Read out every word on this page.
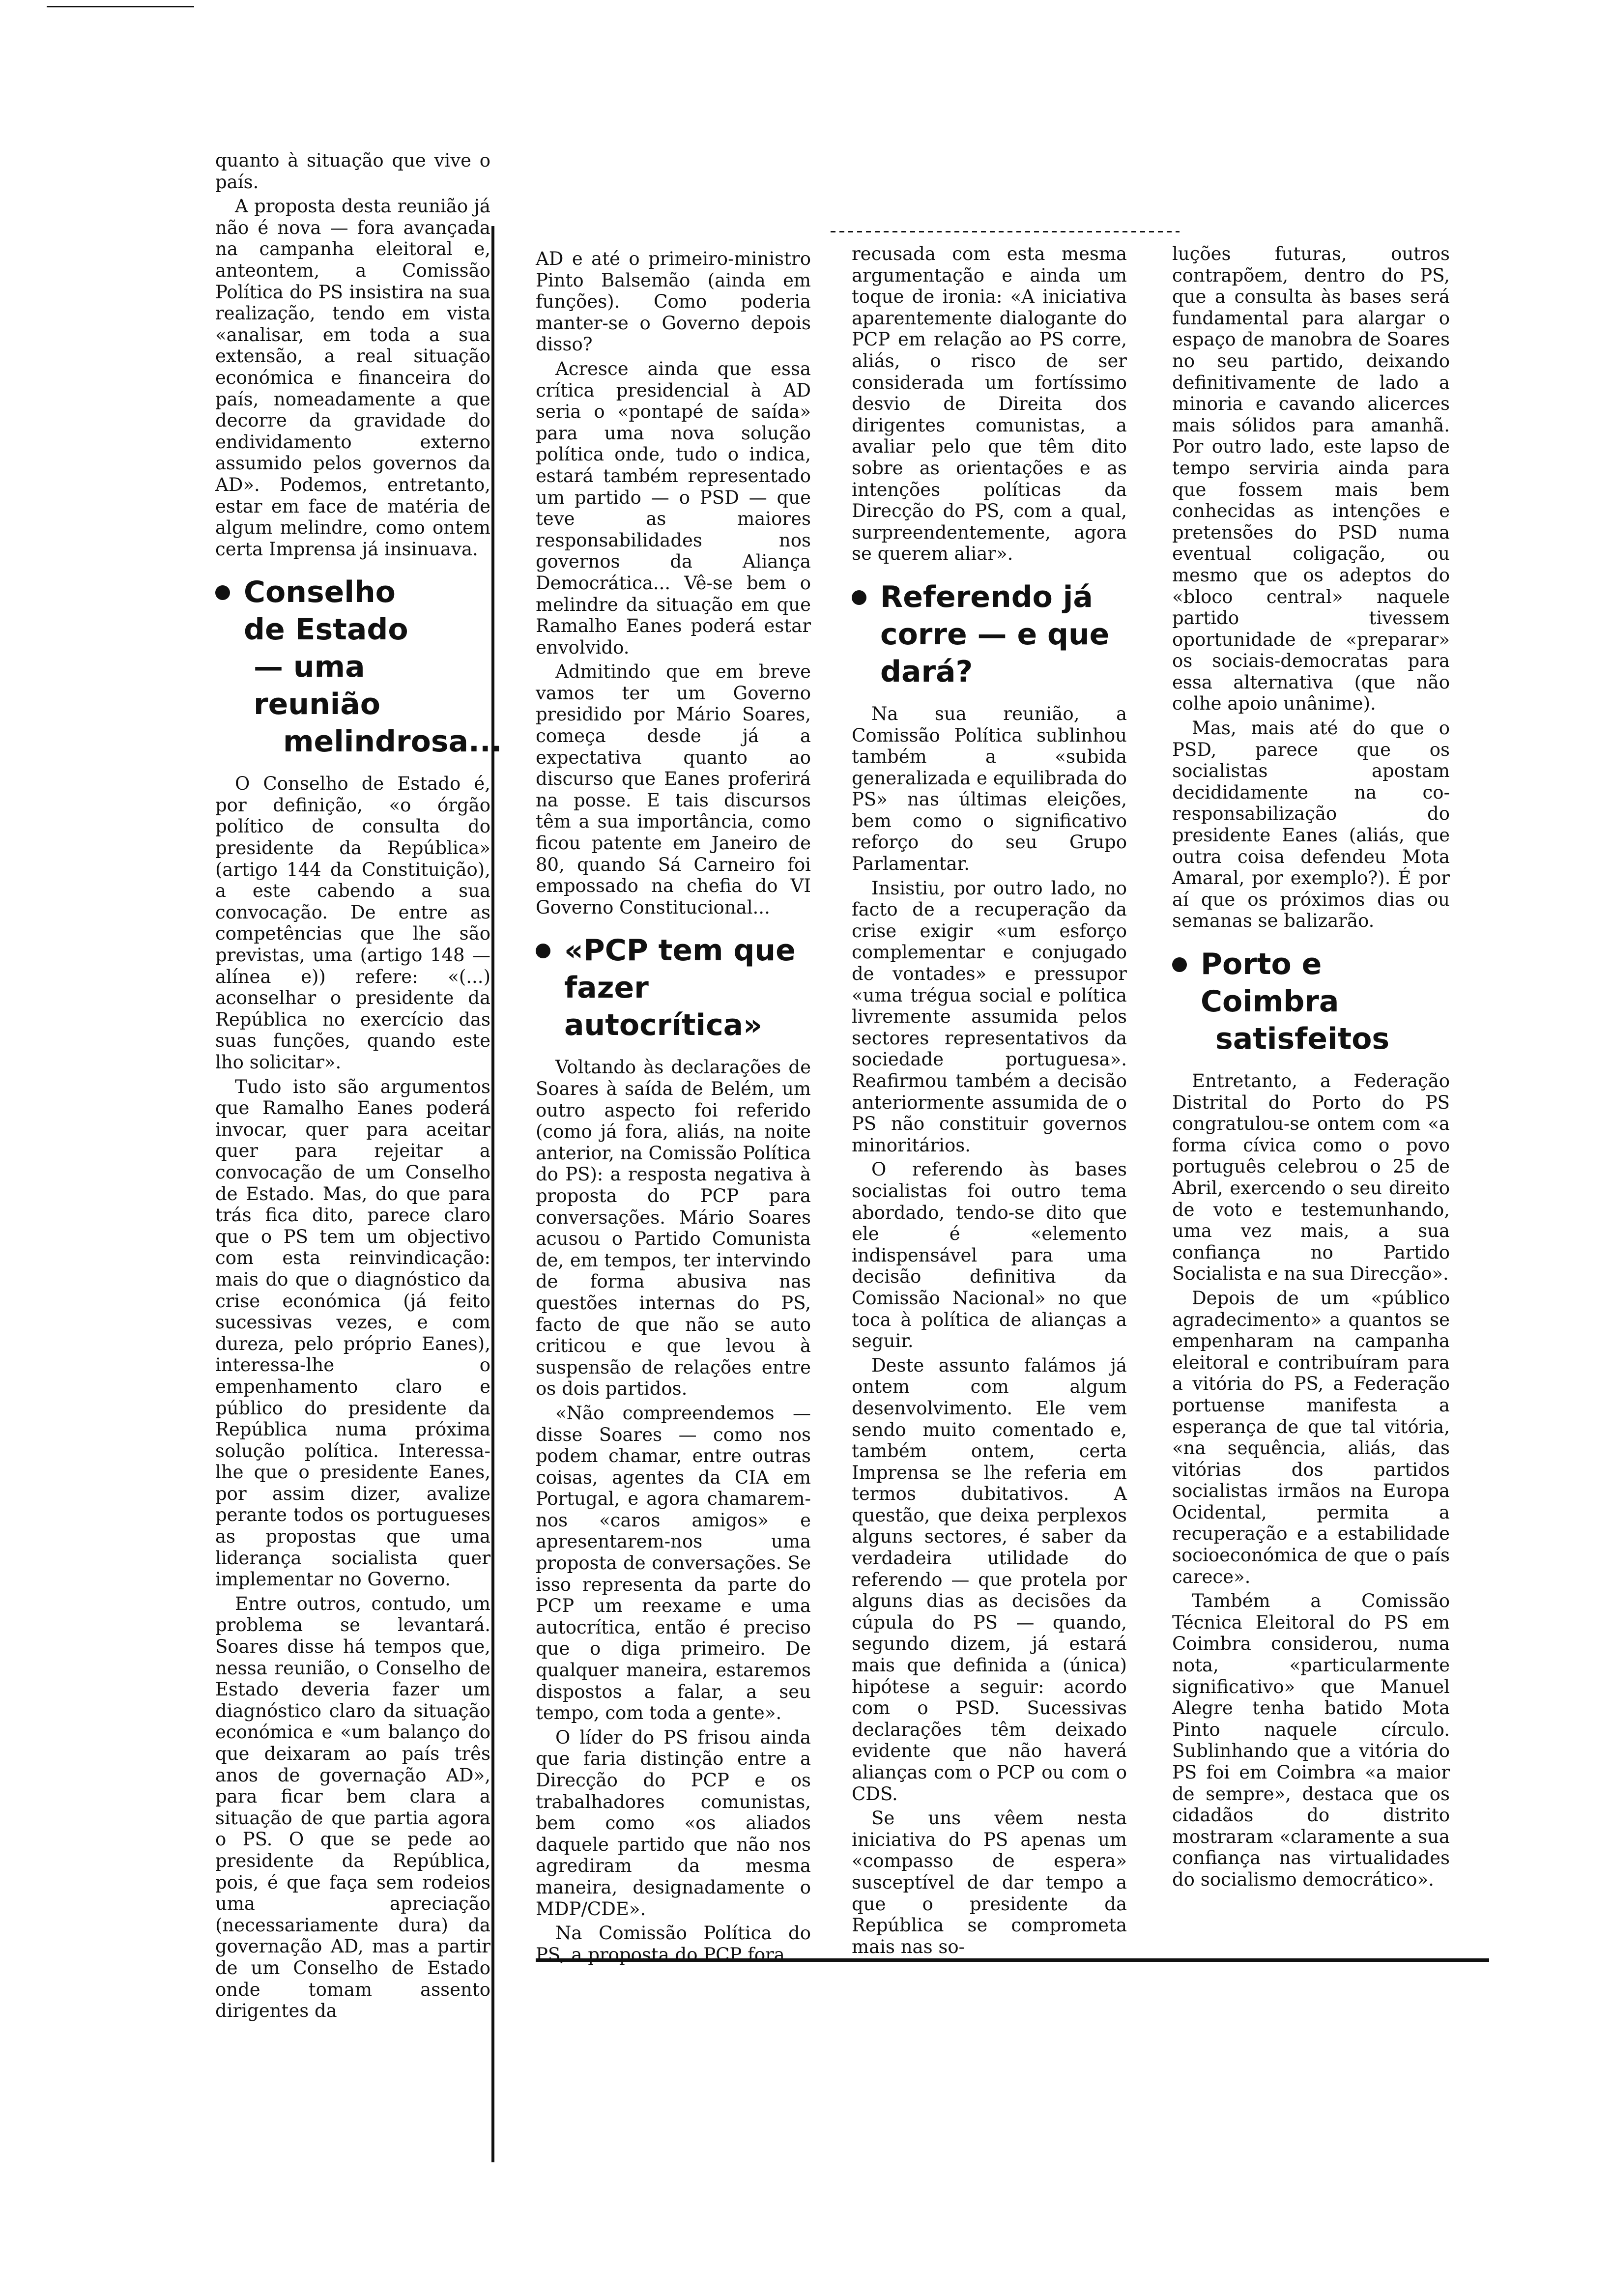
quanto à situação que vive o país.

A proposta desta reunião já não é nova — fora avançada na campanha eleitoral e, anteontem, a Comissão Política do PS insistira na sua realização, tendo em vista «analisar, em toda a sua extensão, a real situação económica e financeira do país, nomeadamente a que decorre da gravidade do endividamento externo assumido pelos governos da AD». Podemos, entretanto, estar em face de matéria de algum melindre, como ontem certa Imprensa já insinuava.

Conselho
de Estado
— uma reunião
melindrosa...

O Conselho de Estado é, por definição, «o órgão político de consulta do presidente da República» (artigo 144 da Constituição), a este cabendo a sua convocação. De entre as competências que lhe são previstas, uma (artigo 148 — alínea e)) refere: «(...) aconselhar o presidente da República no exercício das suas funções, quando este lho solicitar».

Tudo isto são argumentos que Ramalho Eanes poderá invocar, quer para aceitar quer para rejeitar a convocação de um Conselho de Estado. Mas, do que para trás fica dito, parece claro que o PS tem um objectivo com esta reinvindicação: mais do que o diagnóstico da crise económica (já feito sucessivas vezes, e com dureza, pelo próprio Eanes), interessa-lhe o empenhamento claro e público do presidente da República numa próxima solução política. Interessa-lhe que o presidente Eanes, por assim dizer, avalize perante todos os portugueses as propostas que uma liderança socialista quer implementar no Governo.

Entre outros, contudo, um problema se levantará. Soares disse há tempos que, nessa reunião, o Conselho de Estado deveria fazer um diagnóstico claro da situação económica e «um balanço do que deixaram ao país três anos de governação AD», para ficar bem clara a situação de que partia agora o PS. O que se pede ao presidente da República, pois, é que faça sem rodeios uma apreciação (necessariamente dura) da governação AD, mas a partir de um Conselho de Estado onde tomam assento dirigentes da

AD e até o primeiro-ministro Pinto Balsemão (ainda em funções). Como poderia manter-se o Governo depois disso?

Acresce ainda que essa crítica presidencial à AD seria o «pontapé de saída» para uma nova solução política onde, tudo o indica, estará também representado um partido — o PSD — que teve as maiores responsabilidades nos governos da Aliança Democrática... Vê-se bem o melindre da situação em que Ramalho Eanes poderá estar envolvido.

Admitindo que em breve vamos ter um Governo presidido por Mário Soares, começa desde já a expectativa quanto ao discurso que Eanes proferirá na posse. E tais discursos têm a sua importância, como ficou patente em Janeiro de 80, quando Sá Carneiro foi empossado na chefia do VI Governo Constitucional...

«PCP tem que
fazer
autocrítica»

Voltando às declarações de Soares à saída de Belém, um outro aspecto foi referido (como já fora, aliás, na noite anterior, na Comissão Política do PS): a resposta negativa à proposta do PCP para conversações. Mário Soares acusou o Partido Comunista de, em tempos, ter intervindo de forma abusiva nas questões internas do PS, facto de que não se auto criticou e que levou à suspensão de relações entre os dois partidos.

«Não compreendemos — disse Soares — como nos podem chamar, entre outras coisas, agentes da CIA em Portugal, e agora chamarem-nos «caros amigos» e apresentarem-nos uma proposta de conversações. Se isso representa da parte do PCP um reexame e uma autocrítica, então é preciso que o diga primeiro. De qualquer maneira, estaremos dispostos a falar, a seu tempo, com toda a gente».

O líder do PS frisou ainda que faria distinção entre a Direcção do PCP e os trabalhadores comunistas, bem como «os aliados daquele partido que não nos agrediram da mesma maneira, designadamente o MDP/CDE».

Na Comissão Política do PS, a proposta do PCP fora

recusada com esta mesma argumentação e ainda um toque de ironia: «A iniciativa aparentemente dialogante do PCP em relação ao PS corre, aliás, o risco de ser considerada um fortíssimo desvio de Direita dos dirigentes comunistas, a avaliar pelo que têm dito sobre as orientações e as intenções políticas da Direcção do PS, com a qual, surpreendentemente, agora se querem aliar».

Referendo já
corre — e que
dará?

Na sua reunião, a Comissão Política sublinhou também a «subida generalizada e equilibrada do PS» nas últimas eleições, bem como o significativo reforço do seu Grupo Parlamentar.

Insistiu, por outro lado, no facto de a recuperação da crise exigir «um esforço complementar e conjugado de vontades» e pressupor «uma trégua social e política livremente assumida pelos sectores representativos da sociedade portuguesa». Reafirmou também a decisão anteriormente assumida de o PS não constituir governos minoritários.

O referendo às bases socialistas foi outro tema abordado, tendo-se dito que ele é «elemento indispensável para uma decisão definitiva da Comissão Nacional» no que toca à política de alianças a seguir.

Deste assunto falámos já ontem com algum desenvolvimento. Ele vem sendo muito comentado e, também ontem, certa Imprensa se lhe referia em termos dubitativos. A questão, que deixa perplexos alguns sectores, é saber da verdadeira utilidade do referendo — que protela por alguns dias as decisões da cúpula do PS — quando, segundo dizem, já estará mais que definida a (única) hipótese a seguir: acordo com o PSD. Sucessivas declarações têm deixado evidente que não haverá alianças com o PCP ou com o CDS.

Se uns vêem nesta iniciativa do PS apenas um «compasso de espera» susceptível de dar tempo a que o presidente da República se comprometa mais nas so-

luções futuras, outros contrapõem, dentro do PS, que a consulta às bases será fundamental para alargar o espaço de manobra de Soares no seu partido, deixando definitivamente de lado a minoria e cavando alicerces mais sólidos para amanhã. Por outro lado, este lapso de tempo serviria ainda para que fossem mais bem conhecidas as intenções e pretensões do PSD numa eventual coligação, ou mesmo que os adeptos do «bloco central» naquele partido tivessem oportunidade de «preparar» os sociais-democratas para essa alternativa (que não colhe apoio unânime).

Mas, mais até do que o PSD, parece que os socialistas apostam decididamente na co-responsabilização do presidente Eanes (aliás, que outra coisa defendeu Mota Amaral, por exemplo?). É por aí que os próximos dias ou semanas se balizarão.

Porto e Coimbra
satisfeitos

Entretanto, a Federação Distrital do Porto do PS congratulou-se ontem com «a forma cívica como o povo português celebrou o 25 de Abril, exercendo o seu direito de voto e testemunhando, uma vez mais, a sua confiança no Partido Socialista e na sua Direcção».

Depois de um «público agradecimento» a quantos se empenharam na campanha eleitoral e contribuíram para a vitória do PS, a Federação portuense manifesta a esperança de que tal vitória, «na sequência, aliás, das vitórias dos partidos socialistas irmãos na Europa Ocidental, permita a recuperação e a estabilidade socioeconómica de que o país carece».

Também a Comissão Técnica Eleitoral do PS em Coimbra considerou, numa nota, «particularmente significativo» que Manuel Alegre tenha batido Mota Pinto naquele círculo. Sublinhando que a vitória do PS foi em Coimbra «a maior de sempre», destaca que os cidadãos do distrito mostraram «claramente a sua confiança nas virtualidades do socialismo democrático».
